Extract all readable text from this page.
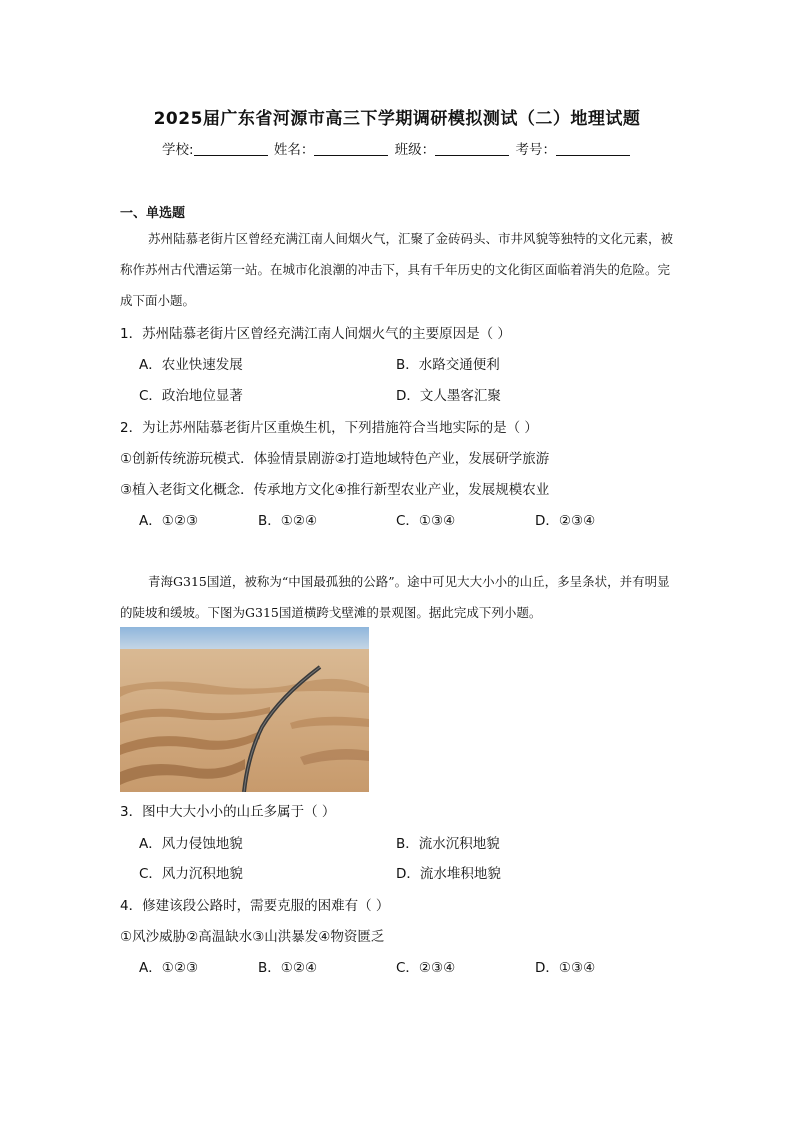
2025届广东省河源市高三下学期调研模拟测试（二）地理试题
学校:	姓名：	班级：	考号：
一、单选题
苏州陆慕老街片区曾经充满江南人间烟火气，汇聚了金砖码头、市井风貌等独特的文化元素，被称作苏州古代漕运第一站。在城市化浪潮的冲击下，具有千年历史的文化街区面临着消失的危险。完成下面小题。
1．苏州陆慕老街片区曾经充满江南人间烟火气的主要原因是（ ）
A．农业快速发展	B．水路交通便利
C．政治地位显著	D．文人墨客汇聚
2．为让苏州陆慕老街片区重焕生机，下列措施符合当地实际的是（ ）
①创新传统游玩模式．体验情景剧游②打造地域特色产业，发展研学旅游
③植入老街文化概念．传承地方文化④推行新型农业产业，发展规模农业
A．①②③	B．①②④	C．①③④	D．②③④
青海G315国道，被称为“中国最孤独的公路”。途中可见大大小小的山丘，多呈条状，并有明显的陡坡和缓坡。下图为G315国道横跨戈壁滩的景观图。据此完成下列小题。
3．图中大大小小的山丘多属于（ ）
A．风力侵蚀地貌	B．流水沉积地貌
C．风力沉积地貌	D．流水堆积地貌
4．修建该段公路时，需要克服的困难有（ ）
①风沙威胁②高温缺水③山洪暴发④物资匮乏
A．①②③	B．①②④	C．②③④	D．①③④
